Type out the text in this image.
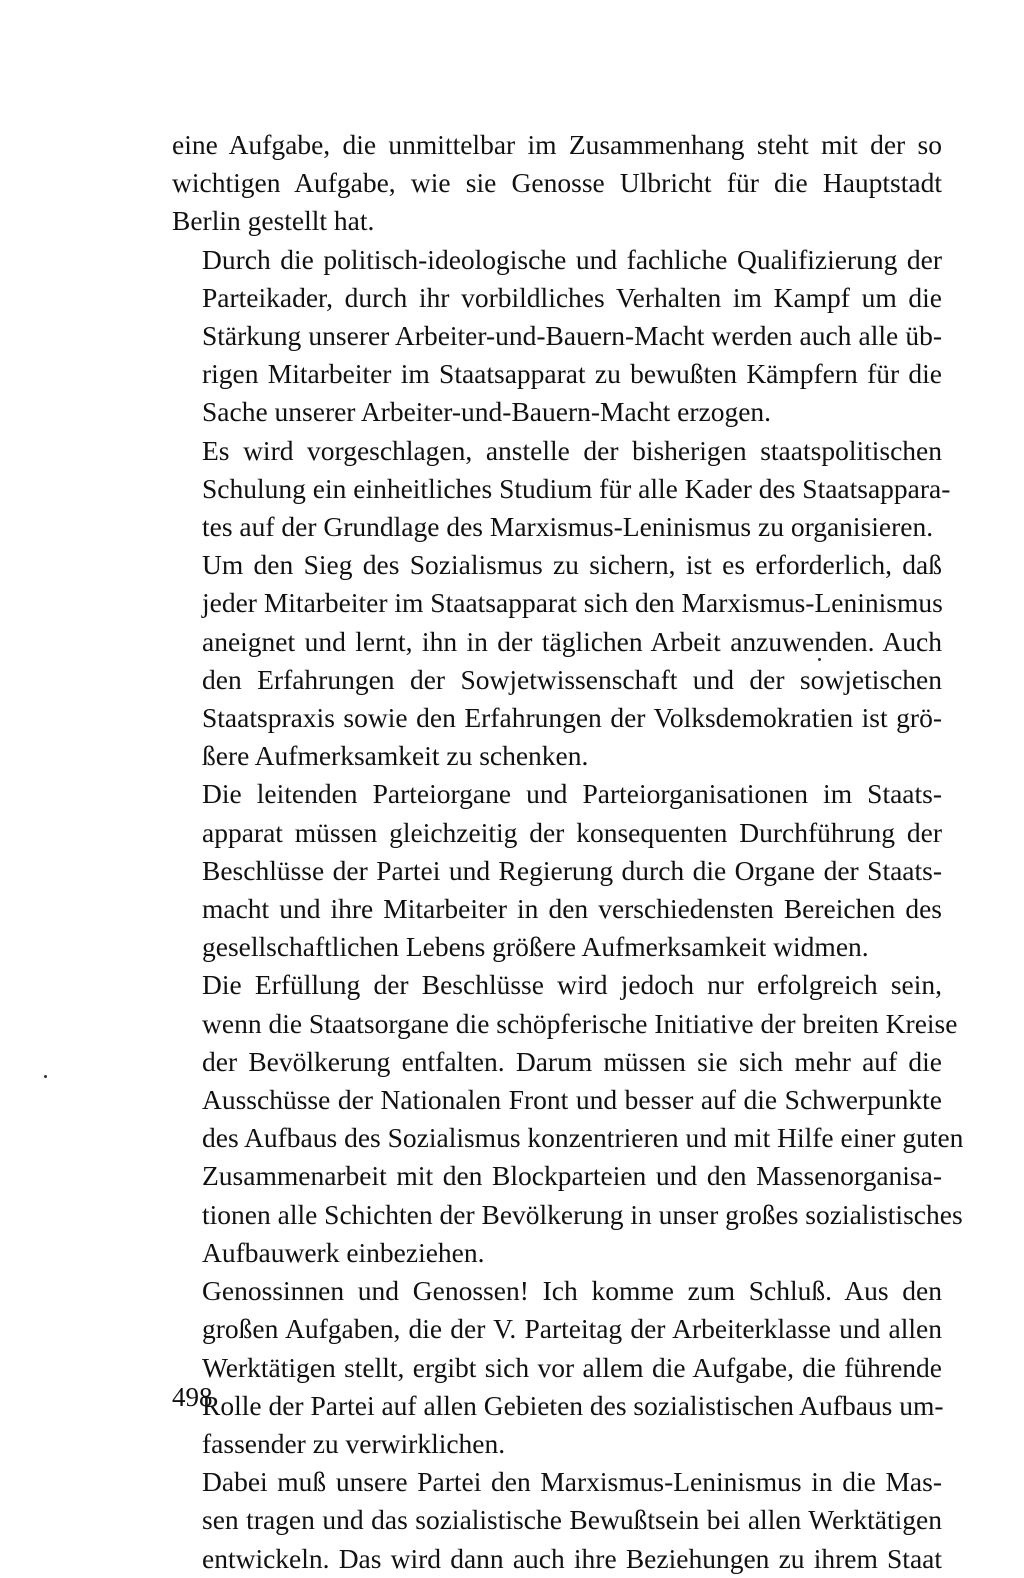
eine Aufgabe, die unmittelbar im Zusammenhang steht mit der so
wichtigen Aufgabe, wie sie Genosse Ulbricht für die Hauptstadt
Berlin gestellt hat.

Durch die politisch-ideologische und fachliche Qualifizierung der
Parteikader, durch ihr vorbildliches Verhalten im Kampf um die
Stärkung unserer Arbeiter-und-Bauern-Macht werden auch alle üb-
rigen Mitarbeiter im Staatsapparat zu bewußten Kämpfern für die
Sache unserer Arbeiter-und-Bauern-Macht erzogen.

Es wird vorgeschlagen, anstelle der bisherigen staatspolitischen
Schulung ein einheitliches Studium für alle Kader des Staatsappara-
tes auf der Grundlage des Marxismus-Leninismus zu organisieren.

Um den Sieg des Sozialismus zu sichern, ist es erforderlich, daß
jeder Mitarbeiter im Staatsapparat sich den Marxismus-Leninismus
aneignet und lernt, ihn in der täglichen Arbeit anzuwenden. Auch
den Erfahrungen der Sowjetwissenschaft und der sowjetischen
Staatspraxis sowie den Erfahrungen der Volksdemokratien ist grö-
ßere Aufmerksamkeit zu schenken.

Die leitenden Parteiorgane und Parteiorganisationen im Staats-
apparat müssen gleichzeitig der konsequenten Durchführung der
Beschlüsse der Partei und Regierung durch die Organe der Staats-
macht und ihre Mitarbeiter in den verschiedensten Bereichen des
gesellschaftlichen Lebens größere Aufmerksamkeit widmen.

Die Erfüllung der Beschlüsse wird jedoch nur erfolgreich sein,
wenn die Staatsorgane die schöpferische Initiative der breiten Kreise
der Bevölkerung entfalten. Darum müssen sie sich mehr auf die
Ausschüsse der Nationalen Front und besser auf die Schwerpunkte
des Aufbaus des Sozialismus konzentrieren und mit Hilfe einer guten
Zusammenarbeit mit den Blockparteien und den Massenorganisa-
tionen alle Schichten der Bevölkerung in unser großes sozialistisches
Aufbauwerk einbeziehen.

Genossinnen und Genossen! Ich komme zum Schluß. Aus den
großen Aufgaben, die der V. Parteitag der Arbeiterklasse und allen
Werktätigen stellt, ergibt sich vor allem die Aufgabe, die führende
Rolle der Partei auf allen Gebieten des sozialistischen Aufbaus um-
fassender zu verwirklichen.

Dabei muß unsere Partei den Marxismus-Leninismus in die Mas-
sen tragen und das sozialistische Bewußtsein bei allen Werktätigen
entwickeln. Das wird dann auch ihre Beziehungen zu ihrem Staat

498
